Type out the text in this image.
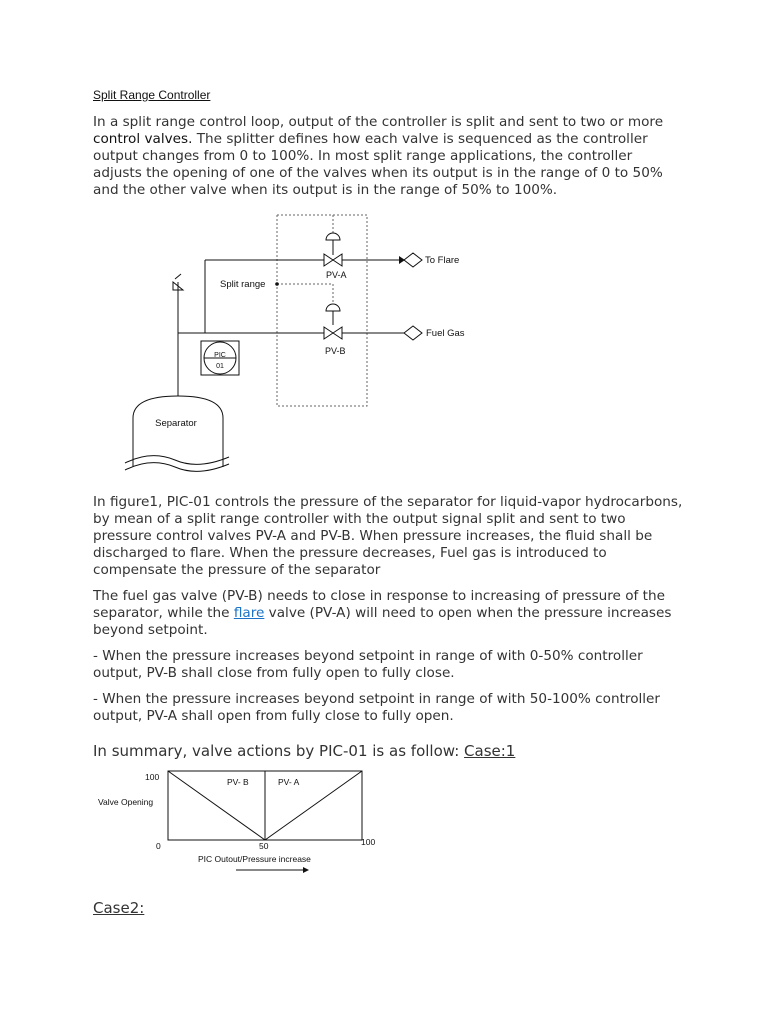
Split Range Controller

In a split range control loop, output of the controller is split and sent to two or more control valves. The splitter defines how each valve is sequenced as the controller output changes from 0 to 100%. In most split range applications, the controller adjusts the opening of one of the valves when its output is in the range of 0 to 50% and the other valve when its output is in the range of 50% to 100%.

PV-A
PV-B
To Flare
Fuel Gas
Split range
PIC
01
Separator

In figure1, PIC-01 controls the pressure of the separator for liquid-vapor hydrocarbons, by mean of a split range controller with the output signal split and sent to two pressure control valves PV-A and PV-B. When pressure increases, the fluid shall be discharged to flare. When the pressure decreases, Fuel gas is introduced to compensate the pressure of the separator

The fuel gas valve (PV-B) needs to close in response to increasing of pressure of the separator, while the flare valve (PV-A) will need to open when the pressure increases beyond setpoint.

- When the pressure increases beyond setpoint in range of with 0-50% controller output, PV-B shall close from fully open to fully close.

- When the pressure increases beyond setpoint in range of with 50-100% controller output, PV-A shall open from fully close to fully open.

In summary, valve actions by PIC-01 is as follow: Case:1
100
Valve Opening
0	50	100
PV- B	PV- A
PIC Outout/Pressure increase
Case2:
